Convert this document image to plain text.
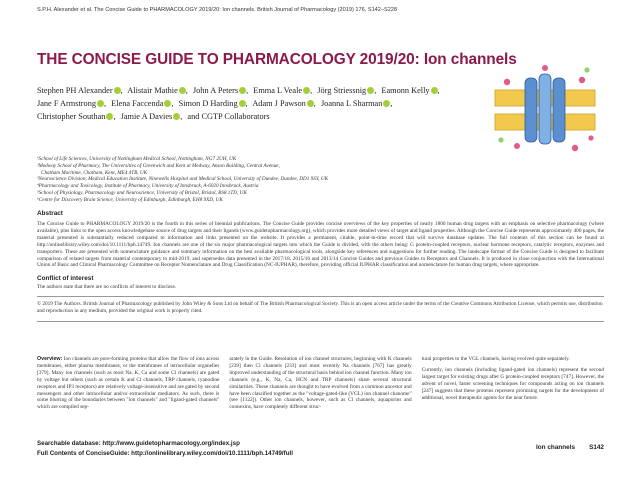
S.P.H. Alexander et al. The Concise Guide to PHARMACOLOGY 2019/20: Ion channels. British Journal of Pharmacology (2019) 176, S142–S228
THE CONCISE GUIDE TO PHARMACOLOGY 2019/20: Ion channels
Stephen PH Alexander , Alistair Mathie , John A Peters , Emma L Veale , Jörg Striessnig , Eamonn Kelly , Jane F Armstrong , Elena Faccenda , Simon D Harding , Adam J Pawson , Joanna L Sharman , Christopher Southan , Jamie A Davies , and CGTP Collaborators
¹School of Life Sciences, University of Nottingham Medical School, Nottingham, NG7 2UH, UK
²Medway School of Pharmacy, The Universities of Greenwich and Kent at Medway, Anson Building, Central Avenue,
Chatham Maritime, Chatham, Kent, ME4 4TB, UK
³Neuroscience Division, Medical Education Institute, Ninewells Hospital and Medical School, University of Dundee, Dundee, DD1 9SY, UK
⁴Pharmacology and Toxicology, Institute of Pharmacy, University of Innsbruck, A-6020 Innsbruck, Austria
⁵School of Physiology, Pharmacology and Neuroscience, University of Bristol, Bristol, BS8 1TD, UK
⁶Centre for Discovery Brain Science, University of Edinburgh, Edinburgh, EH8 9XD, UK
Abstract
The Concise Guide to PHARMACOLOGY 2019/20 is the fourth in this series of biennial publications. The Concise Guide provides concise overviews of the key properties of nearly 1800 human drug targets with an emphasis on selective pharmacology (where available), plus links to the open access knowledgebase source of drug targets and their ligands (www.guidetopharmacology.org), which provides more detailed views of target and ligand properties. Although the Concise Guide represents approximately 400 pages, the material presented is substantially reduced compared to information and links presented on the website. It provides a permanent, citable, point-in-time record that will survive database updates. The full contents of this section can be found at http://onlinelibrary.wiley.com/doi/10.1111/bph.14749. Ion channels are one of the six major pharmacological targets into which the Guide is divided, with the others being: G protein-coupled receptors, nuclear hormone receptors, catalytic receptors, enzymes and transporters. These are presented with nomenclature guidance and summary information on the best available pharmacological tools, alongside key references and suggestions for further reading. The landscape format of the Concise Guide is designed to facilitate comparison of related targets from material contemporary to mid-2019, and supersedes data presented in the 2017/18, 2015/16 and 2013/14 Concise Guides and previous Guides to Receptors and Channels. It is produced in close conjunction with the International Union of Basic and Clinical Pharmacology Committee on Receptor Nomenclature and Drug Classification (NC-IUPHAR), therefore, providing official IUPHAR classification and nomenclature for human drug targets, where appropriate.
Conflict of interest
The authors state that there are no conflicts of interest to disclose.
© 2019 The Authors. British Journal of Pharmacology published by John Wiley & Sons Ltd on behalf of The British Pharmacological Society. This is an open access article under the terms of the Creative Commons Attribution License, which permits use, distribution and reproduction in any medium, provided the original work is properly cited.
Overview: Ion channels are pore-forming proteins that allow the flow of ions across membranes, either plasma membranes, or the membranes of intracellular organelles [379]. Many ion channels (such as most Na, K, Ca and some Cl channels) are gated by voltage but others (such as certain K and Cl channels, TRP channels, ryanodine receptors and IP3 receptors) are relatively voltage-insensitive and are gated by second messengers and other intracellular and/or extracellular mediators. As such, there is some blurring of the boundaries between "ion channels" and "ligand-gated channels" which are compiled sep-
arately in the Guide. Resolution of ion channel structures, beginning with K channels [239] then Cl channels [233] and most recently Na channels [767] has greatly improved understanding of the structural basis behind ion channel function. Many ion channels (e.g., K, Na, Ca, HCN and TRP channels) share several structural similarities. These channels are thought to have evolved from a common ancestor and have been classified together as the "voltage-gated-like (VGL) ion channel chanome" (see [1122]). Other ion channels, however, such as Cl channels, aquaporins and connexins, have completely different struc-
tural properties to the VGL channels, having evolved quite separately.
Currently, ion channels (including ligand-gated ion channels) represent the second largest target for existing drugs after G protein-coupled receptors [747]. However, the advent of novel, faster screening techniques for compounds acting on ion channels [247] suggests that these proteins represent promising targets for the development of additional, novel therapeutic agents for the near future.
Searchable database: http://www.guidetopharmacology.org/index.jsp
Full Contents of ConciseGuide: http://onlinelibrary.wiley.com/doi/10.1111/bph.14749/full
Ion channels S142
